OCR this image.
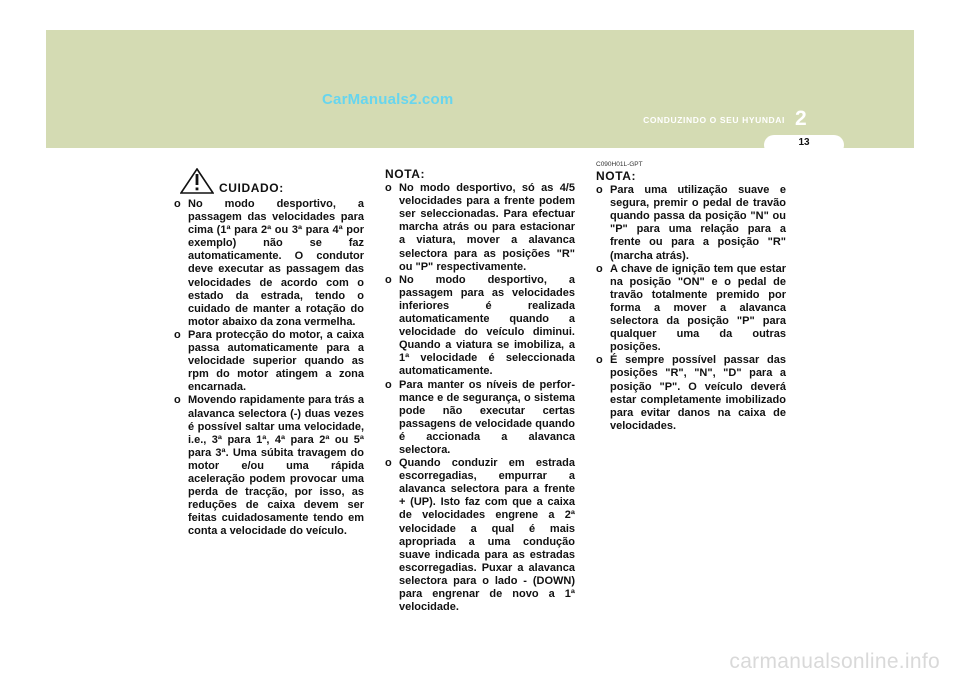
CarManuals2.com
CONDUZINDO O SEU HYUNDAI 2
13
CUIDADO:
o No modo desportivo, a passagem das velocidades para cima (1ª para 2ª ou 3ª para 4ª por exemplo) não se faz automaticamente. O condutor deve executar as passagem das velocidades de acordo com o estado da estrada, tendo o cuidado de manter a rotação do motor abaixo da zona vermelha.
o Para protecção do motor, a caixa passa automaticamente para a velocidade superior quando as rpm do motor atingem a zona encarnada.
o Movendo rapidamente para trás a alavanca selectora (-) duas vezes é possível saltar uma velocidade, i.e., 3ª para 1ª, 4ª para 2ª ou 5ª para 3ª. Uma súbita travagem do motor e/ou uma rápida aceleração podem provocar uma perda de tracção, por isso, as reduções de caixa devem ser feitas cuidadosamente tendo em conta a velocidade do veículo.
NOTA:
o No modo desportivo, só as 4/5 velocidades para a frente podem ser seleccionadas. Para efectuar marcha atrás ou para estacionar a viatura, mover a alavanca selectora para as posições "R" ou "P" respectivamente.
o No modo desportivo, a passagem para as velocidades inferiores é realizada automaticamente quando a velocidade do veículo diminui. Quando a viatura se imobiliza, a 1ª velocidade é seleccionada automaticamente.
o Para manter os níveis de perfor- mance e de segurança, o sistema pode não executar certas passagens de velocidade quando é accionada a alavanca selectora.
o Quando conduzir em estrada escorregadias, empurrar a alavanca selectora para a frente + (UP). Isto faz com que a caixa de velocidades engrene a 2ª velocidade a qual é mais apropriada a uma condução suave indicada para as estradas escorregadias. Puxar a alavanca selectora para o lado - (DOWN) para engrenar de novo a 1ª velocidade.
C090H01L-GPT
NOTA:
o Para uma utilização suave e segura, premir o pedal de travão quando passa da posição "N" ou "P" para uma relação para a frente ou para a posição "R" (marcha atrás).
o A chave de ignição tem que estar na posição "ON" e o pedal de travão totalmente premido por forma a mover a alavanca selectora da posição "P" para qualquer uma da outras posições.
o É sempre possível passar das posições "R", "N", "D" para a posição "P". O veículo deverá estar completamente imobilizado para evitar danos na caixa de velocidades.
carmanualsonline.info
